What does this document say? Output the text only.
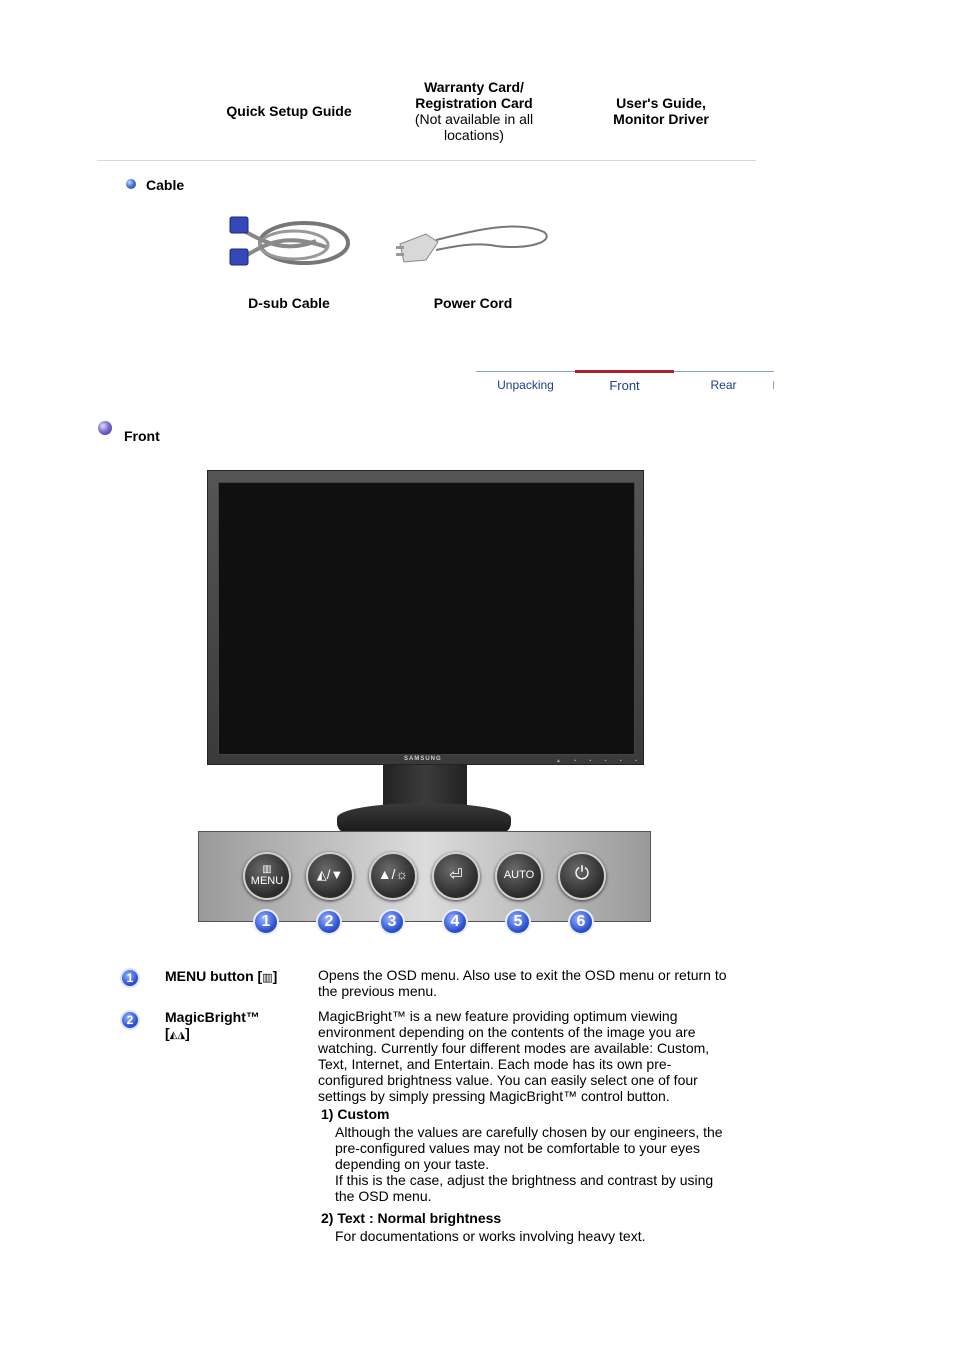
Quick Setup Guide
Warranty Card/
Registration Card
(Not available in all
locations)
User's Guide,
Monitor Driver
Cable
D-sub Cable	Power Cord
Unpacking	Front	Rear
Front
SAMSUNG	▲ ▪ ▪ ▪ ▪ ▪
▥
MENU	◭/▼	▲/☼	⏎	AUTO	⏻
1	2	3	4	5	6
1	MENU button [▥]	Opens the OSD menu. Also use to exit the OSD menu or return to
the previous menu.
2	MagicBright™
[◭◮]
MagicBright™ is a new feature providing optimum viewing
environment depending on the contents of the image you are
watching. Currently four different modes are available: Custom,
Text, Internet, and Entertain. Each mode has its own pre-
configured brightness value. You can easily select one of four
settings by simply pressing MagicBright™ control button.
1) Custom
Although the values are carefully chosen by our engineers, the
pre-configured values may not be comfortable to your eyes
depending on your taste.
If this is the case, adjust the brightness and contrast by using
the OSD menu.
2) Text : Normal brightness
For documentations or works involving heavy text.
